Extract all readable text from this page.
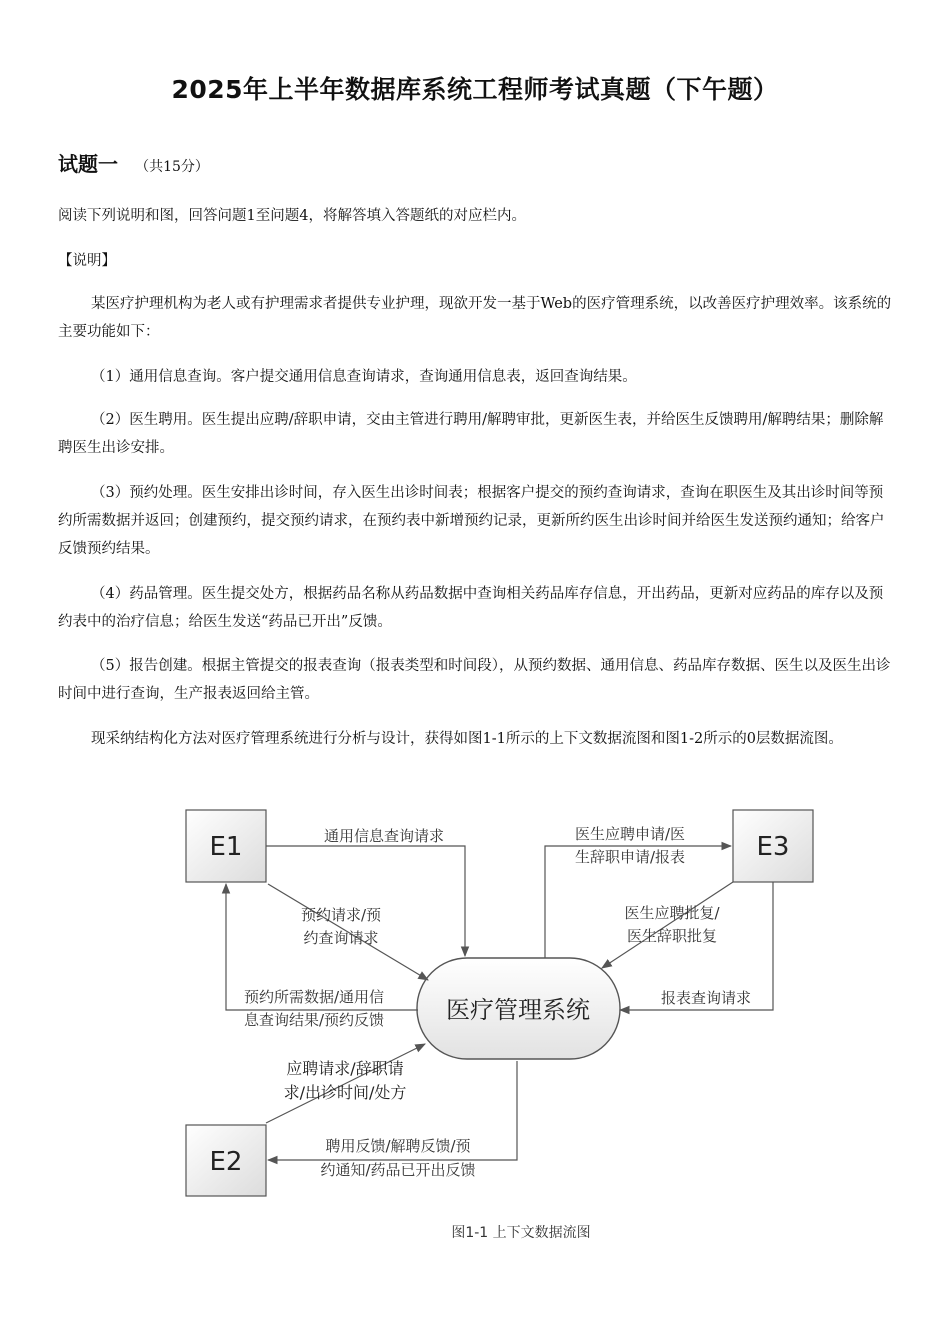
2025年上半年数据库系统工程师考试真题（下午题）
试题一 （共15分）

阅读下列说明和图，回答问题1至问题4，将解答填入答题纸的对应栏内。

【说明】

某医疗护理机构为老人或有护理需求者提供专业护理，现欲开发一基于Web的医疗管理系统，以改善医疗护理效率。该系统的主要功能如下：

（1）通用信息查询。客户提交通用信息查询请求，查询通用信息表，返回查询结果。

（2）医生聘用。医生提出应聘/辞职申请，交由主管进行聘用/解聘审批，更新医生表，并给医生反馈聘用/解聘结果；删除解聘医生出诊安排。

（3）预约处理。医生安排出诊时间，存入医生出诊时间表；根据客户提交的预约查询请求，查询在职医生及其出诊时间等预约所需数据并返回；创建预约，提交预约请求，在预约表中新增预约记录，更新所约医生出诊时间并给医生发送预约通知；给客户反馈预约结果。

（4）药品管理。医生提交处方，根据药品名称从药品数据中查询相关药品库存信息，开出药品，更新对应药品的库存以及预约表中的治疗信息；给医生发送“药品已开出”反馈。

（5）报告创建。根据主管提交的报表查询（报表类型和时间段），从预约数据、通用信息、药品库存数据、医生以及医生出诊时间中进行查询，生产报表返回给主管。

现采纳结构化方法对医疗管理系统进行分析与设计，获得如图1-1所示的上下文数据流图和图1-2所示的0层数据流图。

E1	E3
E2
医疗管理系统
通用信息查询请求
预约请求/预
约查询请求
预约所需数据/通用信
息查询结果/预约反馈
应聘请求/辞职请
求/出诊时间/处方
聘用反馈/解聘反馈/预
约通知/药品已开出反馈
医生应聘申请/医
生辞职申请/报表
医生应聘批复/
医生辞职批复
报表查询请求
图1-1 上下文数据流图
